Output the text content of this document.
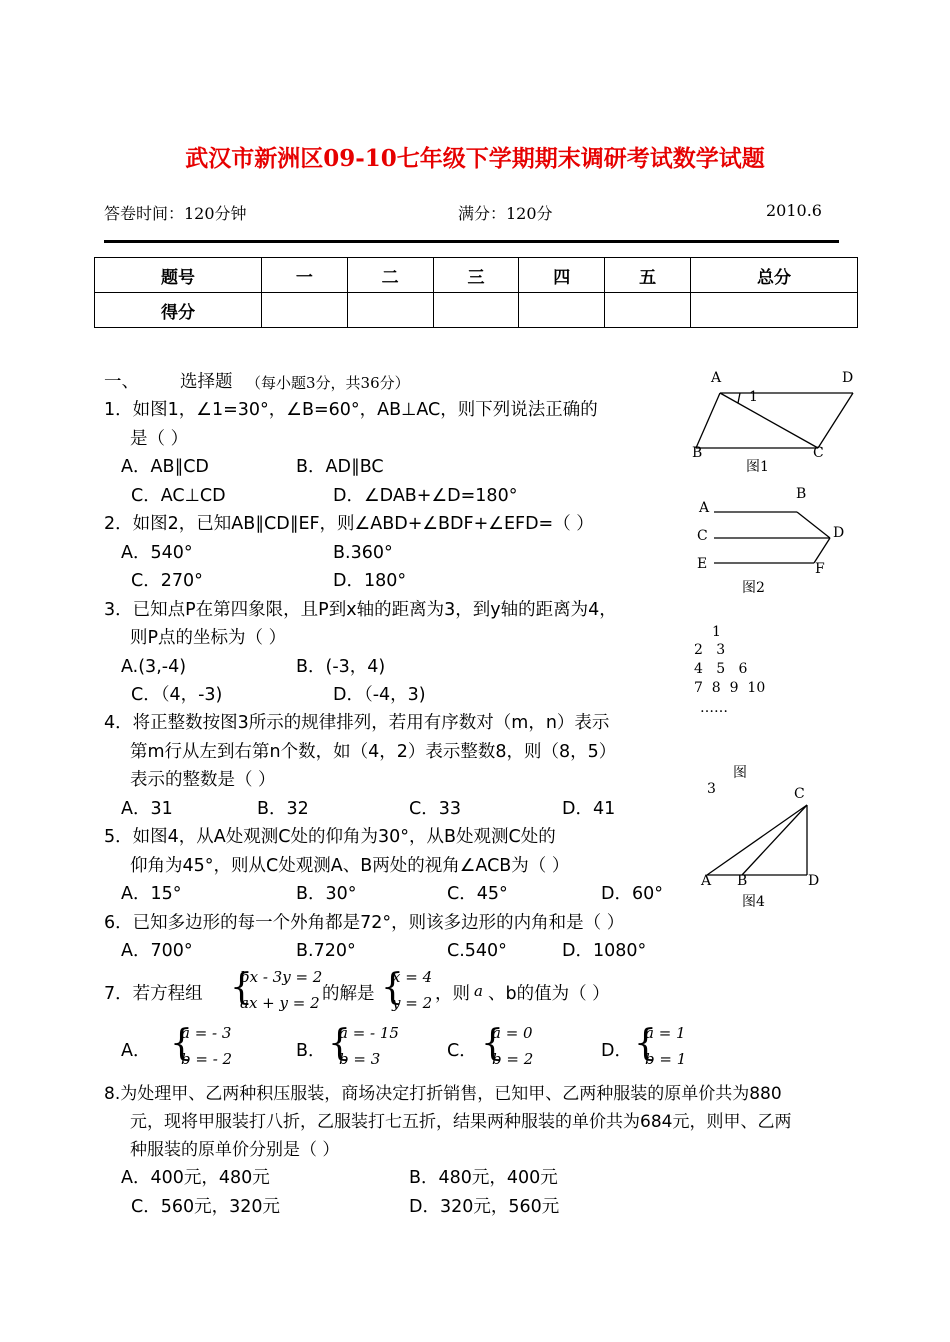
武汉市新洲区09-10七年级下学期期末调研考试数学试题
答卷时间：120分钟	满分：120分	2010.6
题号	一	二	三	四	五	总分
得分						
一、 选择题 （每小题3分，共36分）
1．如图1，∠1=30°，∠B=60°，AB⊥AC，则下列说法正确的
是（ ）
A．AB∥CD	B．AD∥BC
C．AC⊥CD	D．∠DAB+∠D=180°
2．如图2，已知AB∥CD∥EF，则∠ABD+∠BDF+∠EFD=（ ）
A．540°	B.360°
C．270°	D．180°
3．已知点P在第四象限，且P到x轴的距离为3，到y轴的距离为4，
则P点的坐标为（ ）
A.(3,-4)	B．(-3，4)
C．（4，-3)	D．（-4，3)
4．将正整数按图3所示的规律排列，若用有序数对（m，n）表示
第m行从左到右第n个数，如（4，2）表示整数8，则（8，5）
表示的整数是（ ）
A．31	B．32	C．33	D．41
5．如图4，从A处观测C处的仰角为30°，从B处观测C处的
仰角为45°，则从C处观测A、B两处的视角∠ACB为（ ）
A．15°	B．30°	C．45°	D．60°
6．已知多边形的每一个外角都是72°，则该多边形的内角和是（ ）
A．700°	B.720°	C.540°	D．1080°
7．若方程组 {
bx - 3y = 2
ax + y = 2 的解是 {
x = 4
y = 2 ，则 a 、b的值为（ ）
A． {
a = - 3
b = - 2	B． {
a = - 15
b = 3	C． {
a = 0
b = 2	D． {
a = 1
b = 1
8.为处理甲、乙两种积压服装，商场决定打折销售，已知甲、乙两种服装的原单价共为880
元，现将甲服装打八折，乙服装打七五折，结果两种服装的单价共为684元，则甲、乙两
种服装的原单价分别是（ ）
A．400元，480元	B．480元，400元
C．560元，320元	D．320元，560元
A	D
1
B	C
图1
A
B
C	D
E	F
图2
1
2   3
4   5   6
7  8  9  10
……
图
3	C
A B	D
图4
